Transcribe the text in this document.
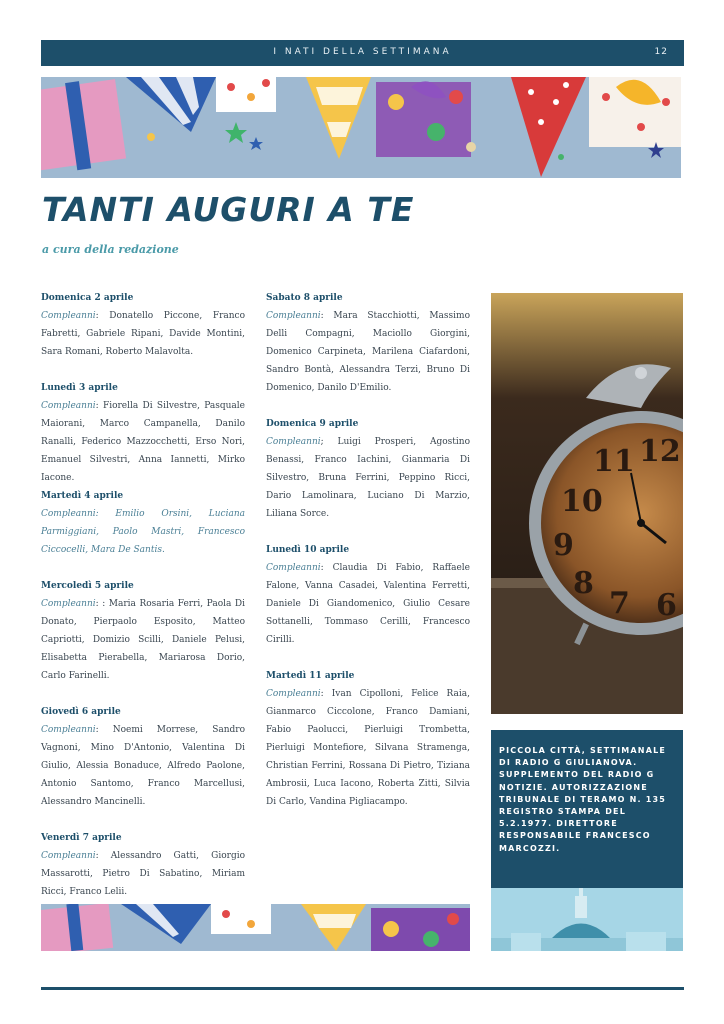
I NATI DELLA SETTIMANA	12
TANTI AUGURI A TE
a cura della redazione
Domenica 2 aprile
Compleanni: Donatello Piccone, Franco Fabretti, Gabriele Ripani, Davide Montini, Sara Romani, Roberto Malavolta.
Lunedì 3 aprile
Compleanni: Fiorella Di Silvestre, Pasquale Maiorani, Marco Campanella, Danilo Ranalli, Federico Mazzocchetti, Erso Nori, Emanuel Silvestri, Anna Iannetti, Mirko Iacone.
Martedì 4 aprile
Compleanni: Emilio Orsini, Luciana Parmiggiani, Paolo Mastri, Francesco Ciccocelli, Mara De Santis.
Mercoledì 5 aprile
Compleanni: : Maria Rosaria Ferri, Paola Di Donato, Pierpaolo Esposito, Matteo Capriotti, Domizio Scilli, Daniele Pelusi, Elisabetta Pierabella, Mariarosa Dorio, Carlo Farinelli.
Giovedì 6 aprile
Compleanni: Noemi Morrese, Sandro Vagnoni, Mino D'Antonio, Valentina Di Giulio, Alessia Bonaduce, Alfredo Paolone, Antonio Santomo, Franco Marcellusi, Alessandro Mancinelli.
Venerdì 7 aprile
Compleanni: Alessandro Gatti, Giorgio Massarotti, Pietro Di Sabatino, Miriam Ricci, Franco Lelii.
Sabato 8 aprile
Compleanni: Mara Stacchiotti, Massimo Delli Compagni, Maciollo Giorgini, Domenico Carpineta, Marilena Ciafardoni, Sandro Bontà, Alessandra Terzi, Bruno Di Domenico, Danilo D'Emilio.
Domenica 9 aprile
Compleanni; Luigi Prosperi, Agostino Benassi, Franco Iachini, Gianmaria Di Silvestro, Bruna Ferrini, Peppino Ricci, Dario Lamolinara, Luciano Di Marzio, Liliana Sorce.
Lunedì 10 aprile
Compleanni: Claudia Di Fabio, Raffaele Falone, Vanna Casadei, Valentina Ferretti, Daniele Di Giandomenico, Giulio Cesare Sottanelli, Tommaso Cerilli, Francesco Cirilli.
Martedì 11 aprile
Compleanni: Ivan Cipolloni, Felice Raia, Gianmarco Ciccolone, Franco Damiani, Fabio Paolucci, Pierluigi Trombetta, Pierluigi Montefiore, Silvana Stramenga, Christian Ferrini, Rossana Di Pietro, Tiziana Ambrosii, Luca Iacono, Roberta Zitti, Silvia Di Carlo, Vandina Pigliacampo.
11 12
10
9
8
7 6
PICCOLA CITTÀ, SETTIMANALE DI RADIO G GIULIANOVA. SUPPLEMENTO DEL RADIO G NOTIZIE. AUTORIZZAZIONE TRIBUNALE DI TERAMO N. 135 REGISTRO STAMPA DEL 5.2.1977. DIRETTORE RESPONSABILE FRANCESCO MARCOZZI.
